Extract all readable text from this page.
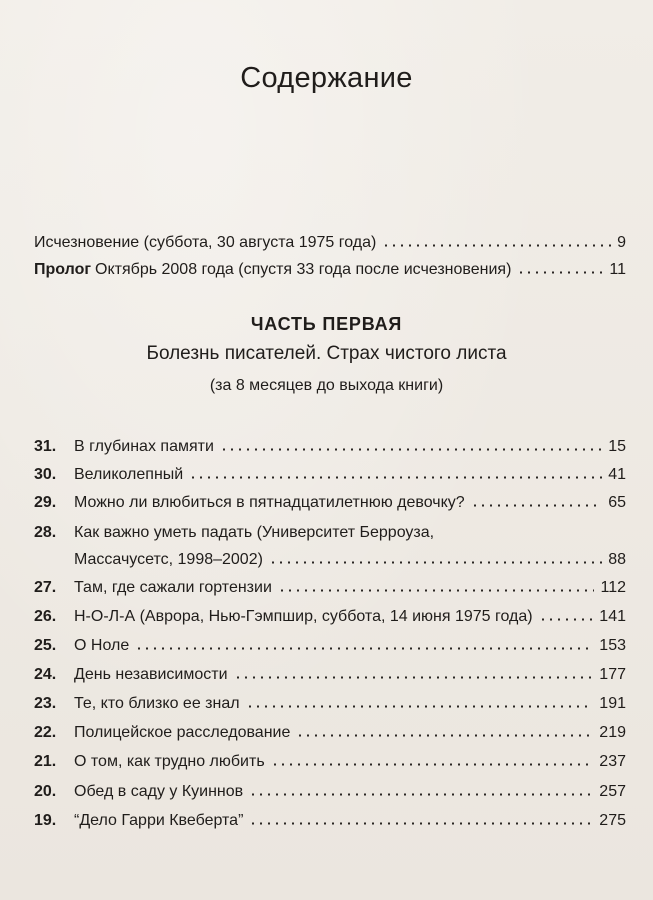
Содержание
Исчезновение (суббота, 30 августа 1975 года)	9
Пролог Октябрь 2008 года (спустя 33 года после исчезновения)	11
ЧАСТЬ ПЕРВАЯ
Болезнь писателей. Страх чистого листа
(за 8 месяцев до выхода книги)
31.	В глубинах памяти	15
30.	Великолепный	41
29.	Можно ли влюбиться в пятнадцатилетнюю девочку?	65
28.	Как важно уметь падать (Университет Берроуза,
Массачусетс, 1998–2002)	88
27.	Там, где сажали гортензии	112
26.	Н-О-Л-А (Аврора, Нью-Гэмпшир, суббота, 14 июня 1975 года)	141
25.	О Ноле	153
24.	День независимости	177
23.	Те, кто близко ее знал	191
22.	Полицейское расследование	219
21.	О том, как трудно любить	237
20.	Обед в саду у Куиннов	257
19.	“Дело Гарри Квеберта”	275
